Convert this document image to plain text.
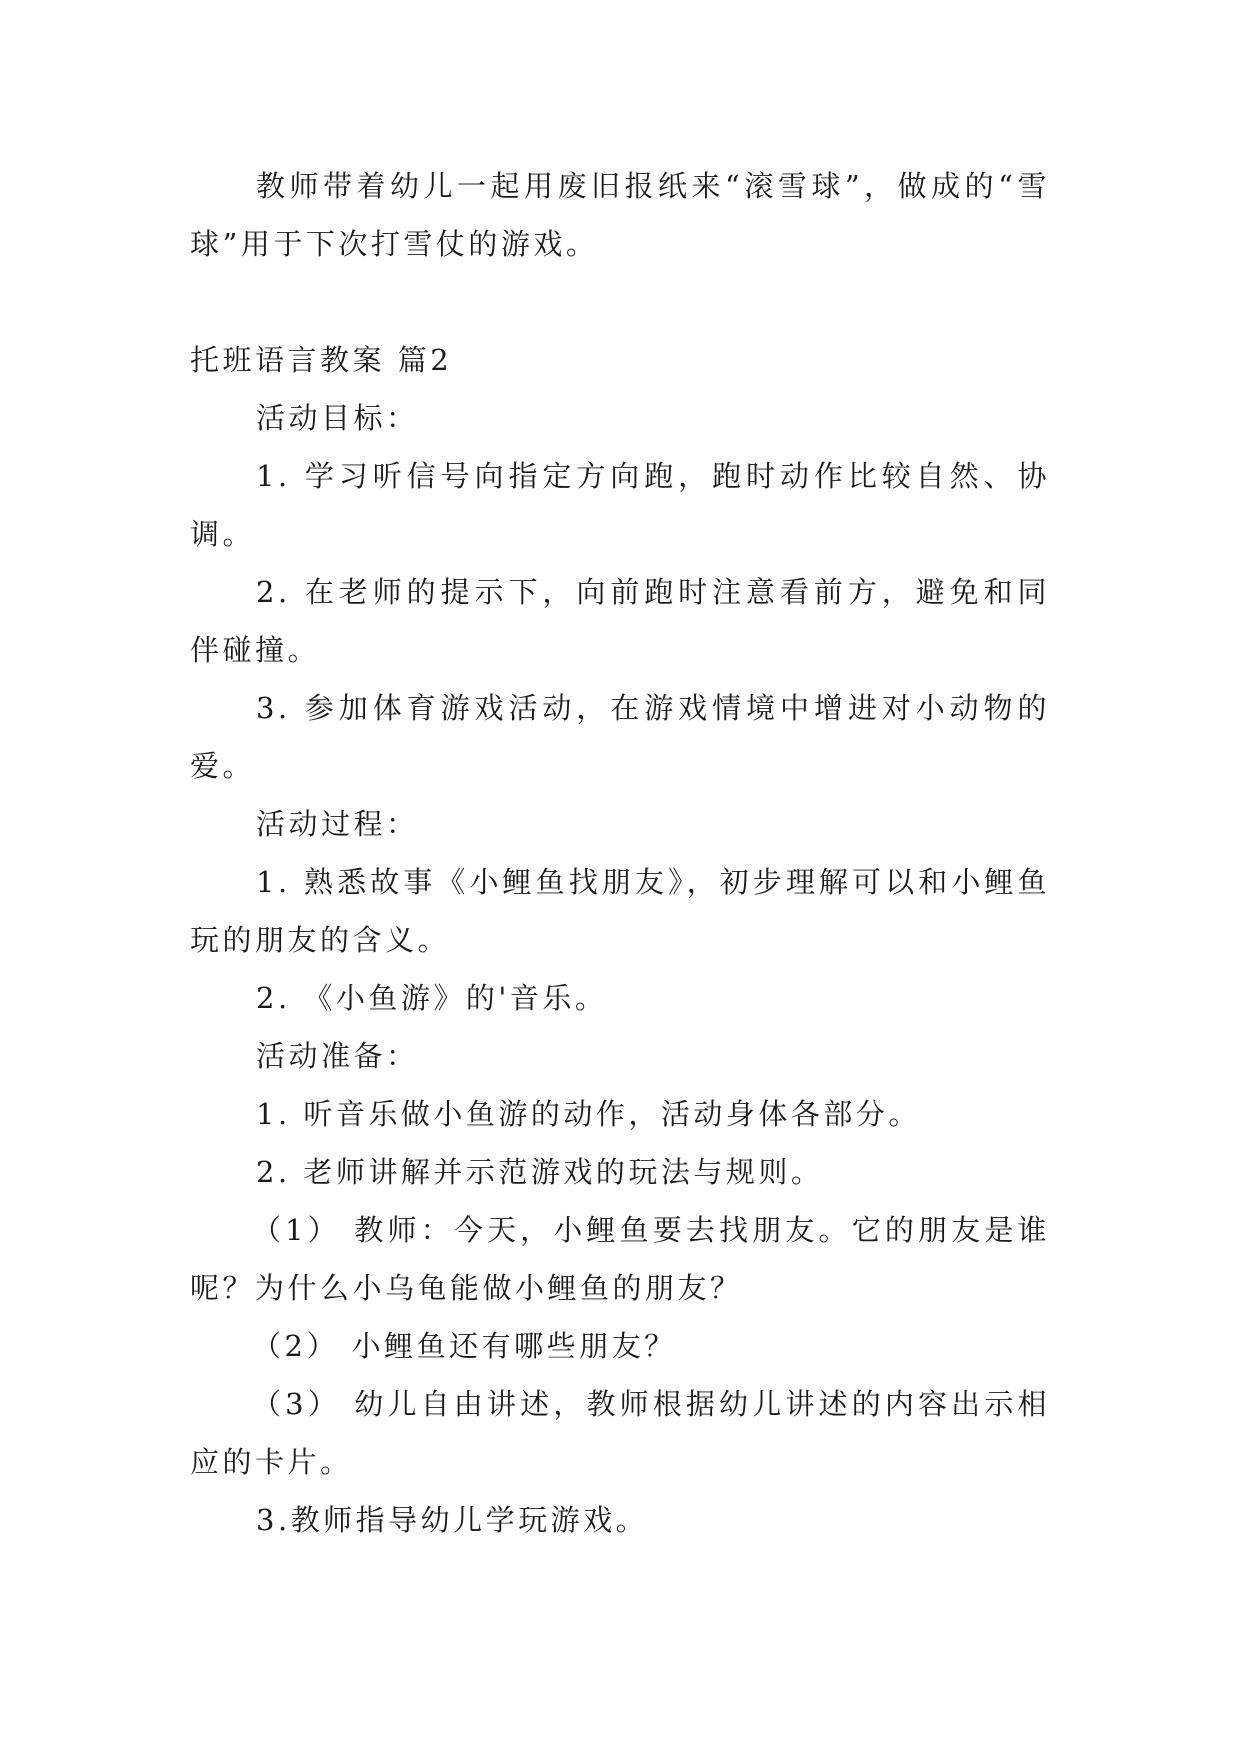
教师带着幼儿一起用废旧报纸来“滚雪球”，做成的“雪球”用于下次打雪仗的游戏。

托班语言教案 篇2

活动目标：

1. 学习听信号向指定方向跑，跑时动作比较自然、协调。

2. 在老师的提示下，向前跑时注意看前方，避免和同伴碰撞。

3. 参加体育游戏活动，在游戏情境中增进对小动物的爱。

活动过程：

1. 熟悉故事《小鲤鱼找朋友》，初步理解可以和小鲤鱼玩的朋友的含义。

2. 《小鱼游》的'音乐。

活动准备：

1. 听音乐做小鱼游的动作，活动身体各部分。

2. 老师讲解并示范游戏的玩法与规则。

（1） 教师：今天，小鲤鱼要去找朋友。它的朋友是谁呢？为什么小乌龟能做小鲤鱼的朋友？

（2） 小鲤鱼还有哪些朋友？

（3） 幼儿自由讲述，教师根据幼儿讲述的内容出示相应的卡片。

3.教师指导幼儿学玩游戏。
